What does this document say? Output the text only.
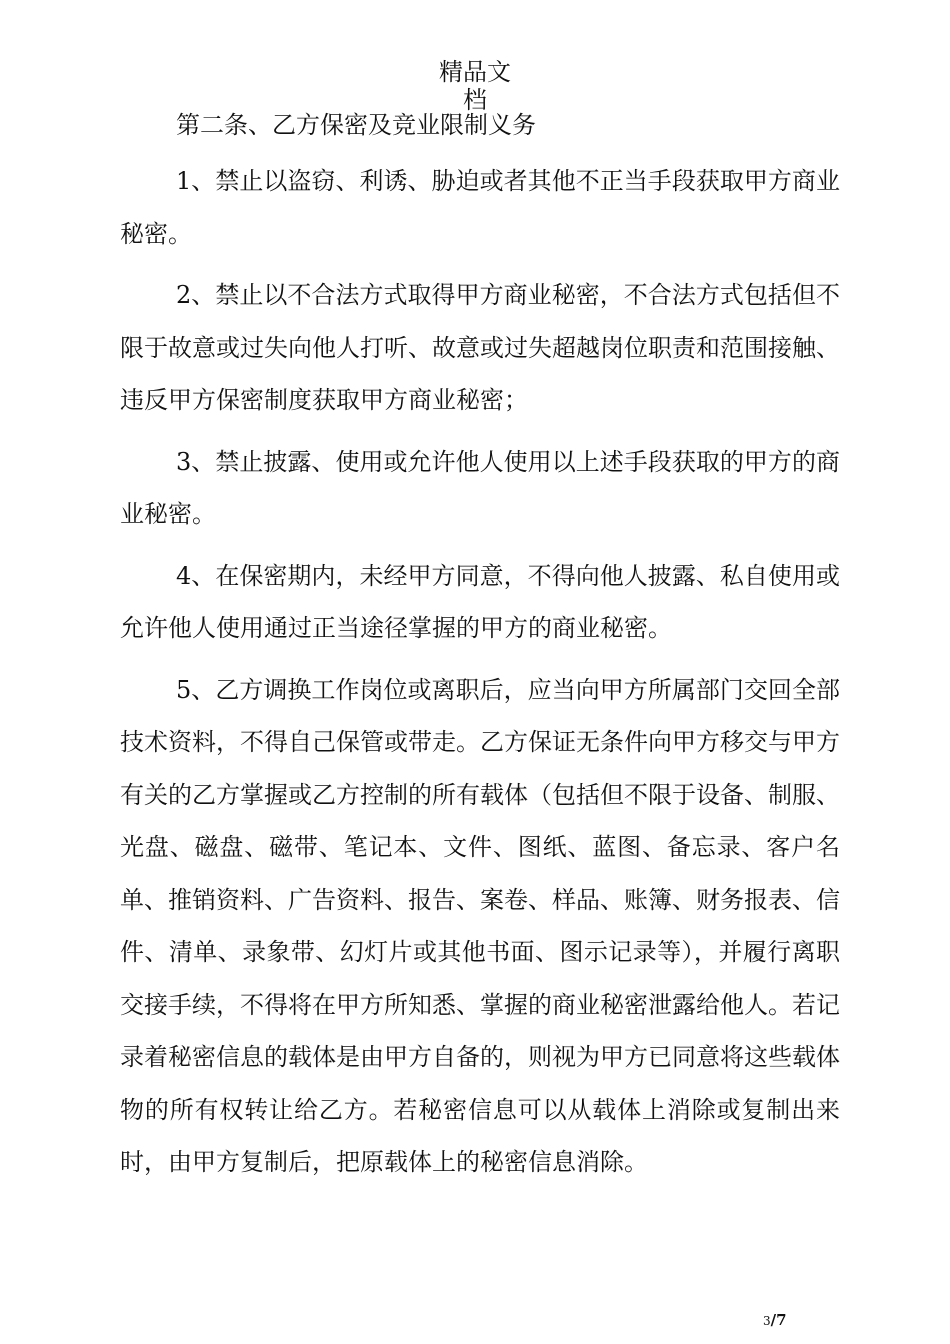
精品文档
第二条、乙方保密及竞业限制义务

1、禁止以盗窃、利诱、胁迫或者其他不正当手段获取甲方商业秘密。

2、禁止以不合法方式取得甲方商业秘密，不合法方式包括但不限于故意或过失向他人打听、故意或过失超越岗位职责和范围接触、违反甲方保密制度获取甲方商业秘密；

3、禁止披露、使用或允许他人使用以上述手段获取的甲方的商业秘密。

4、在保密期内，未经甲方同意，不得向他人披露、私自使用或允许他人使用通过正当途径掌握的甲方的商业秘密。

5、乙方调换工作岗位或离职后，应当向甲方所属部门交回全部技术资料，不得自己保管或带走。乙方保证无条件向甲方移交与甲方有关的乙方掌握或乙方控制的所有载体（包括但不限于设备、制服、光盘、磁盘、磁带、笔记本、文件、图纸、蓝图、备忘录、客户名单、推销资料、广告资料、报告、案卷、样品、账簿、财务报表、信件、清单、录象带、幻灯片或其他书面、图示记录等），并履行离职交接手续，不得将在甲方所知悉、掌握的商业秘密泄露给他人。若记录着秘密信息的载体是由甲方自备的，则视为甲方已同意将这些载体物的所有权转让给乙方。若秘密信息可以从载体上消除或复制出来时，由甲方复制后，把原载体上的秘密信息消除。

3/7
